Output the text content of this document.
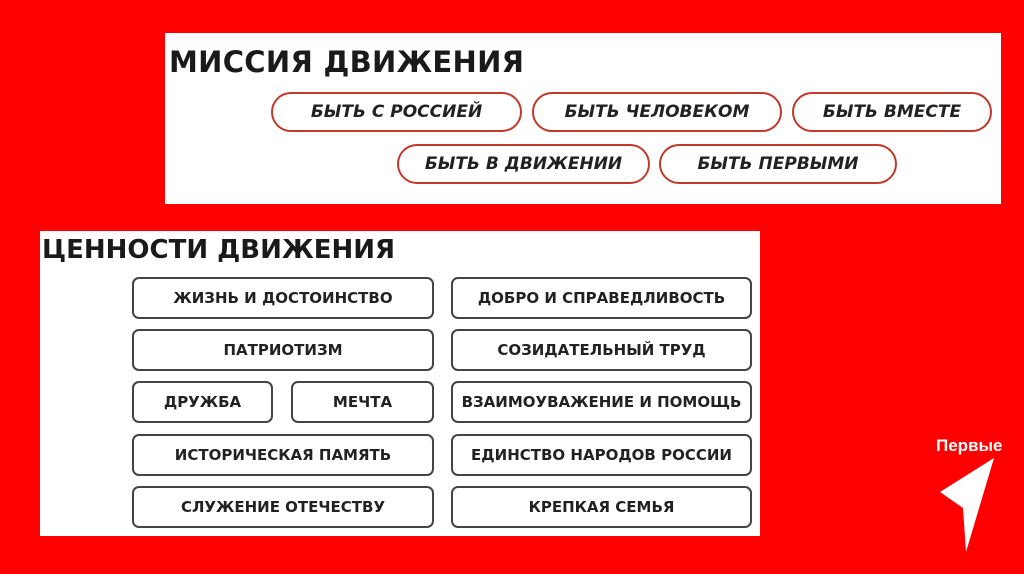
МИССИЯ ДВИЖЕНИЯ
БЫТЬ С РОССИЕЙ	БЫТЬ ЧЕЛОВЕКОМ	БЫТЬ ВМЕСТЕ
БЫТЬ В ДВИЖЕНИИ	БЫТЬ ПЕРВЫМИ
ЦЕННОСТИ ДВИЖЕНИЯ
ЖИЗНЬ И ДОСТОИНСТВО
ПАТРИОТИЗМ
ДРУЖБА	МЕЧТА
ИСТОРИЧЕСКАЯ ПАМЯТЬ
СЛУЖЕНИЕ ОТЕЧЕСТВУ
ДОБРО И СПРАВЕДЛИВОСТЬ
СОЗИДАТЕЛЬНЫЙ ТРУД
ВЗАИМОУВАЖЕНИЕ И ПОМОЩЬ
ЕДИНСТВО НАРОДОВ РОССИИ
КРЕПКАЯ СЕМЬЯ
Первые
